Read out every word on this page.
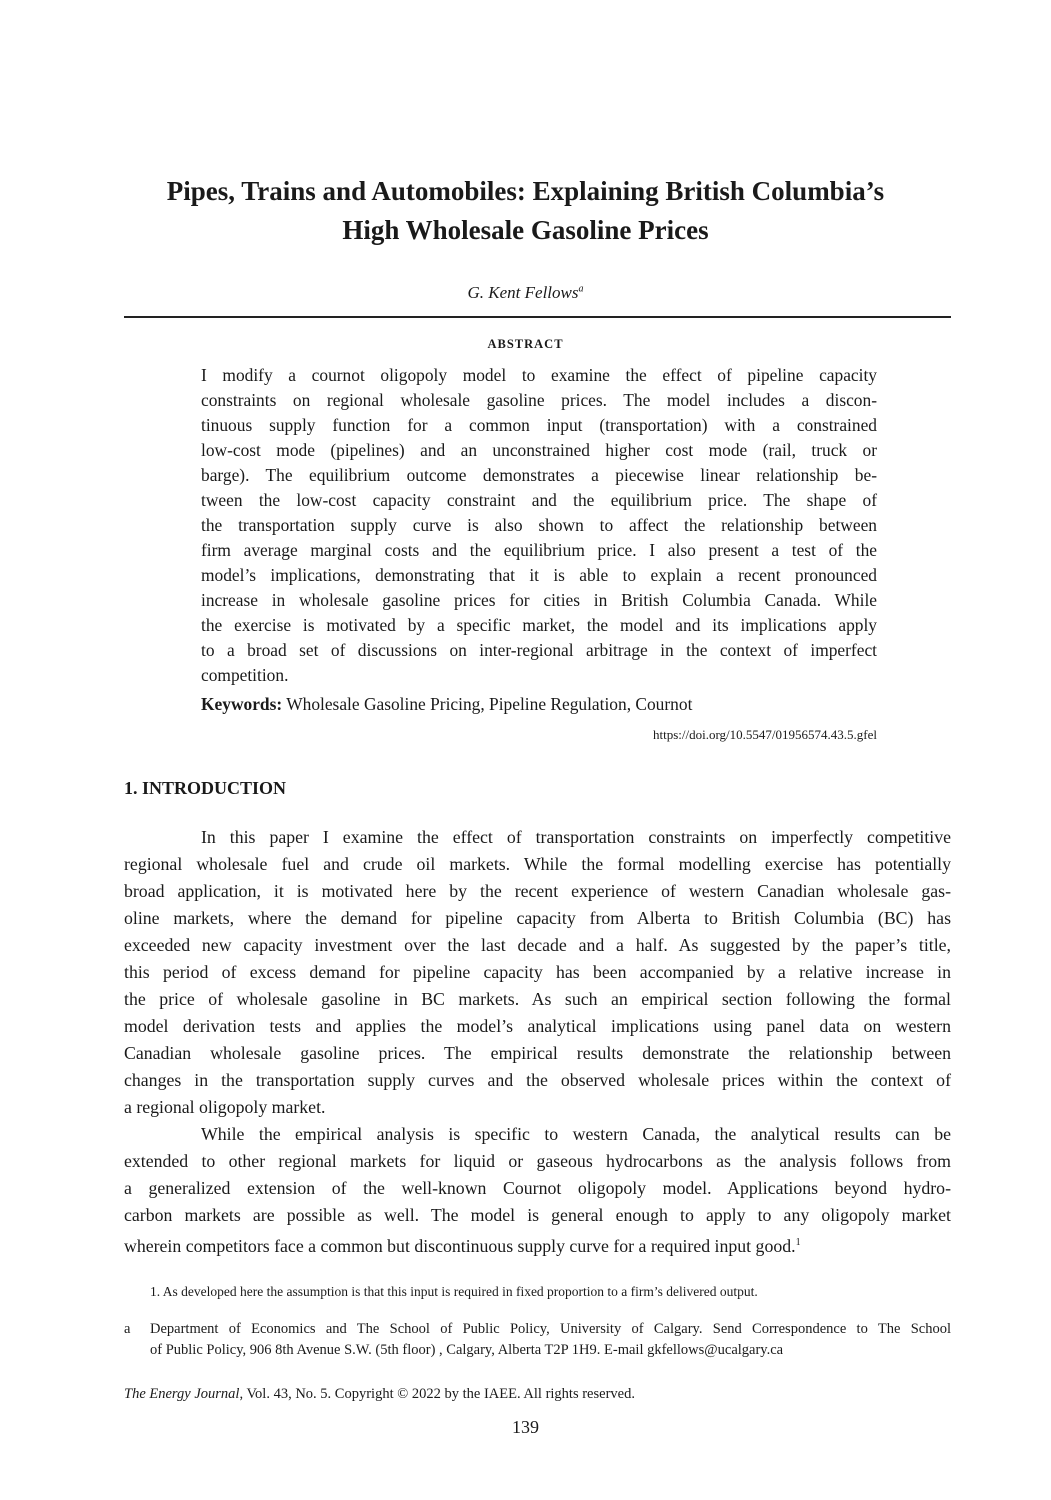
Pipes, Trains and Automobiles: Explaining British Columbia’s
High Wholesale Gasoline Prices
G. Kent Fellows$^a$
ABSTRACT
I modify a cournot oligopoly model to examine the effect of pipeline capacity
constraints on regional wholesale gasoline prices. The model includes a discon-
tinuous supply function for a common input (transportation) with a constrained
low-cost mode (pipelines) and an unconstrained higher cost mode (rail, truck or
barge). The equilibrium outcome demonstrates a piecewise linear relationship be-
tween the low-cost capacity constraint and the equilibrium price. The shape of
the transportation supply curve is also shown to affect the relationship between
firm average marginal costs and the equilibrium price. I also present a test of the
model’s implications, demonstrating that it is able to explain a recent pronounced
increase in wholesale gasoline prices for cities in British Columbia Canada. While
the exercise is motivated by a specific market, the model and its implications apply
to a broad set of discussions on inter-regional arbitrage in the context of imperfect
competition.
Keywords: Wholesale Gasoline Pricing, Pipeline Regulation, Cournot
https://doi.org/10.5547/01956574.43.5.gfel
1. INTRODUCTION
In this paper I examine the effect of transportation constraints on imperfectly competitive
regional wholesale fuel and crude oil markets. While the formal modelling exercise has potentially
broad application, it is motivated here by the recent experience of western Canadian wholesale gas-
oline markets, where the demand for pipeline capacity from Alberta to British Columbia (BC) has
exceeded new capacity investment over the last decade and a half. As suggested by the paper’s title,
this period of excess demand for pipeline capacity has been accompanied by a relative increase in
the price of wholesale gasoline in BC markets. As such an empirical section following the formal
model derivation tests and applies the model’s analytical implications using panel data on western
Canadian wholesale gasoline prices. The empirical results demonstrate the relationship between
changes in the transportation supply curves and the observed wholesale prices within the context of
a regional oligopoly market.
While the empirical analysis is specific to western Canada, the analytical results can be
extended to other regional markets for liquid or gaseous hydrocarbons as the analysis follows from
a generalized extension of the well-known Cournot oligopoly model. Applications beyond hydro-
carbon markets are possible as well. The model is general enough to apply to any oligopoly market
wherein competitors face a common but discontinuous supply curve for a required input good.$^1$
1. As developed here the assumption is that this input is required in fixed proportion to a firm’s delivered output.
a Department of Economics and The School of Public Policy, University of Calgary. Send Correspondence to The School
of Public Policy, 906 8th Avenue S.W. (5th floor) , Calgary, Alberta T2P 1H9. E-mail gkfellows@ucalgary.ca
The Energy Journal, Vol. 43, No. 5. Copyright © 2022 by the IAEE. All rights reserved.
139
